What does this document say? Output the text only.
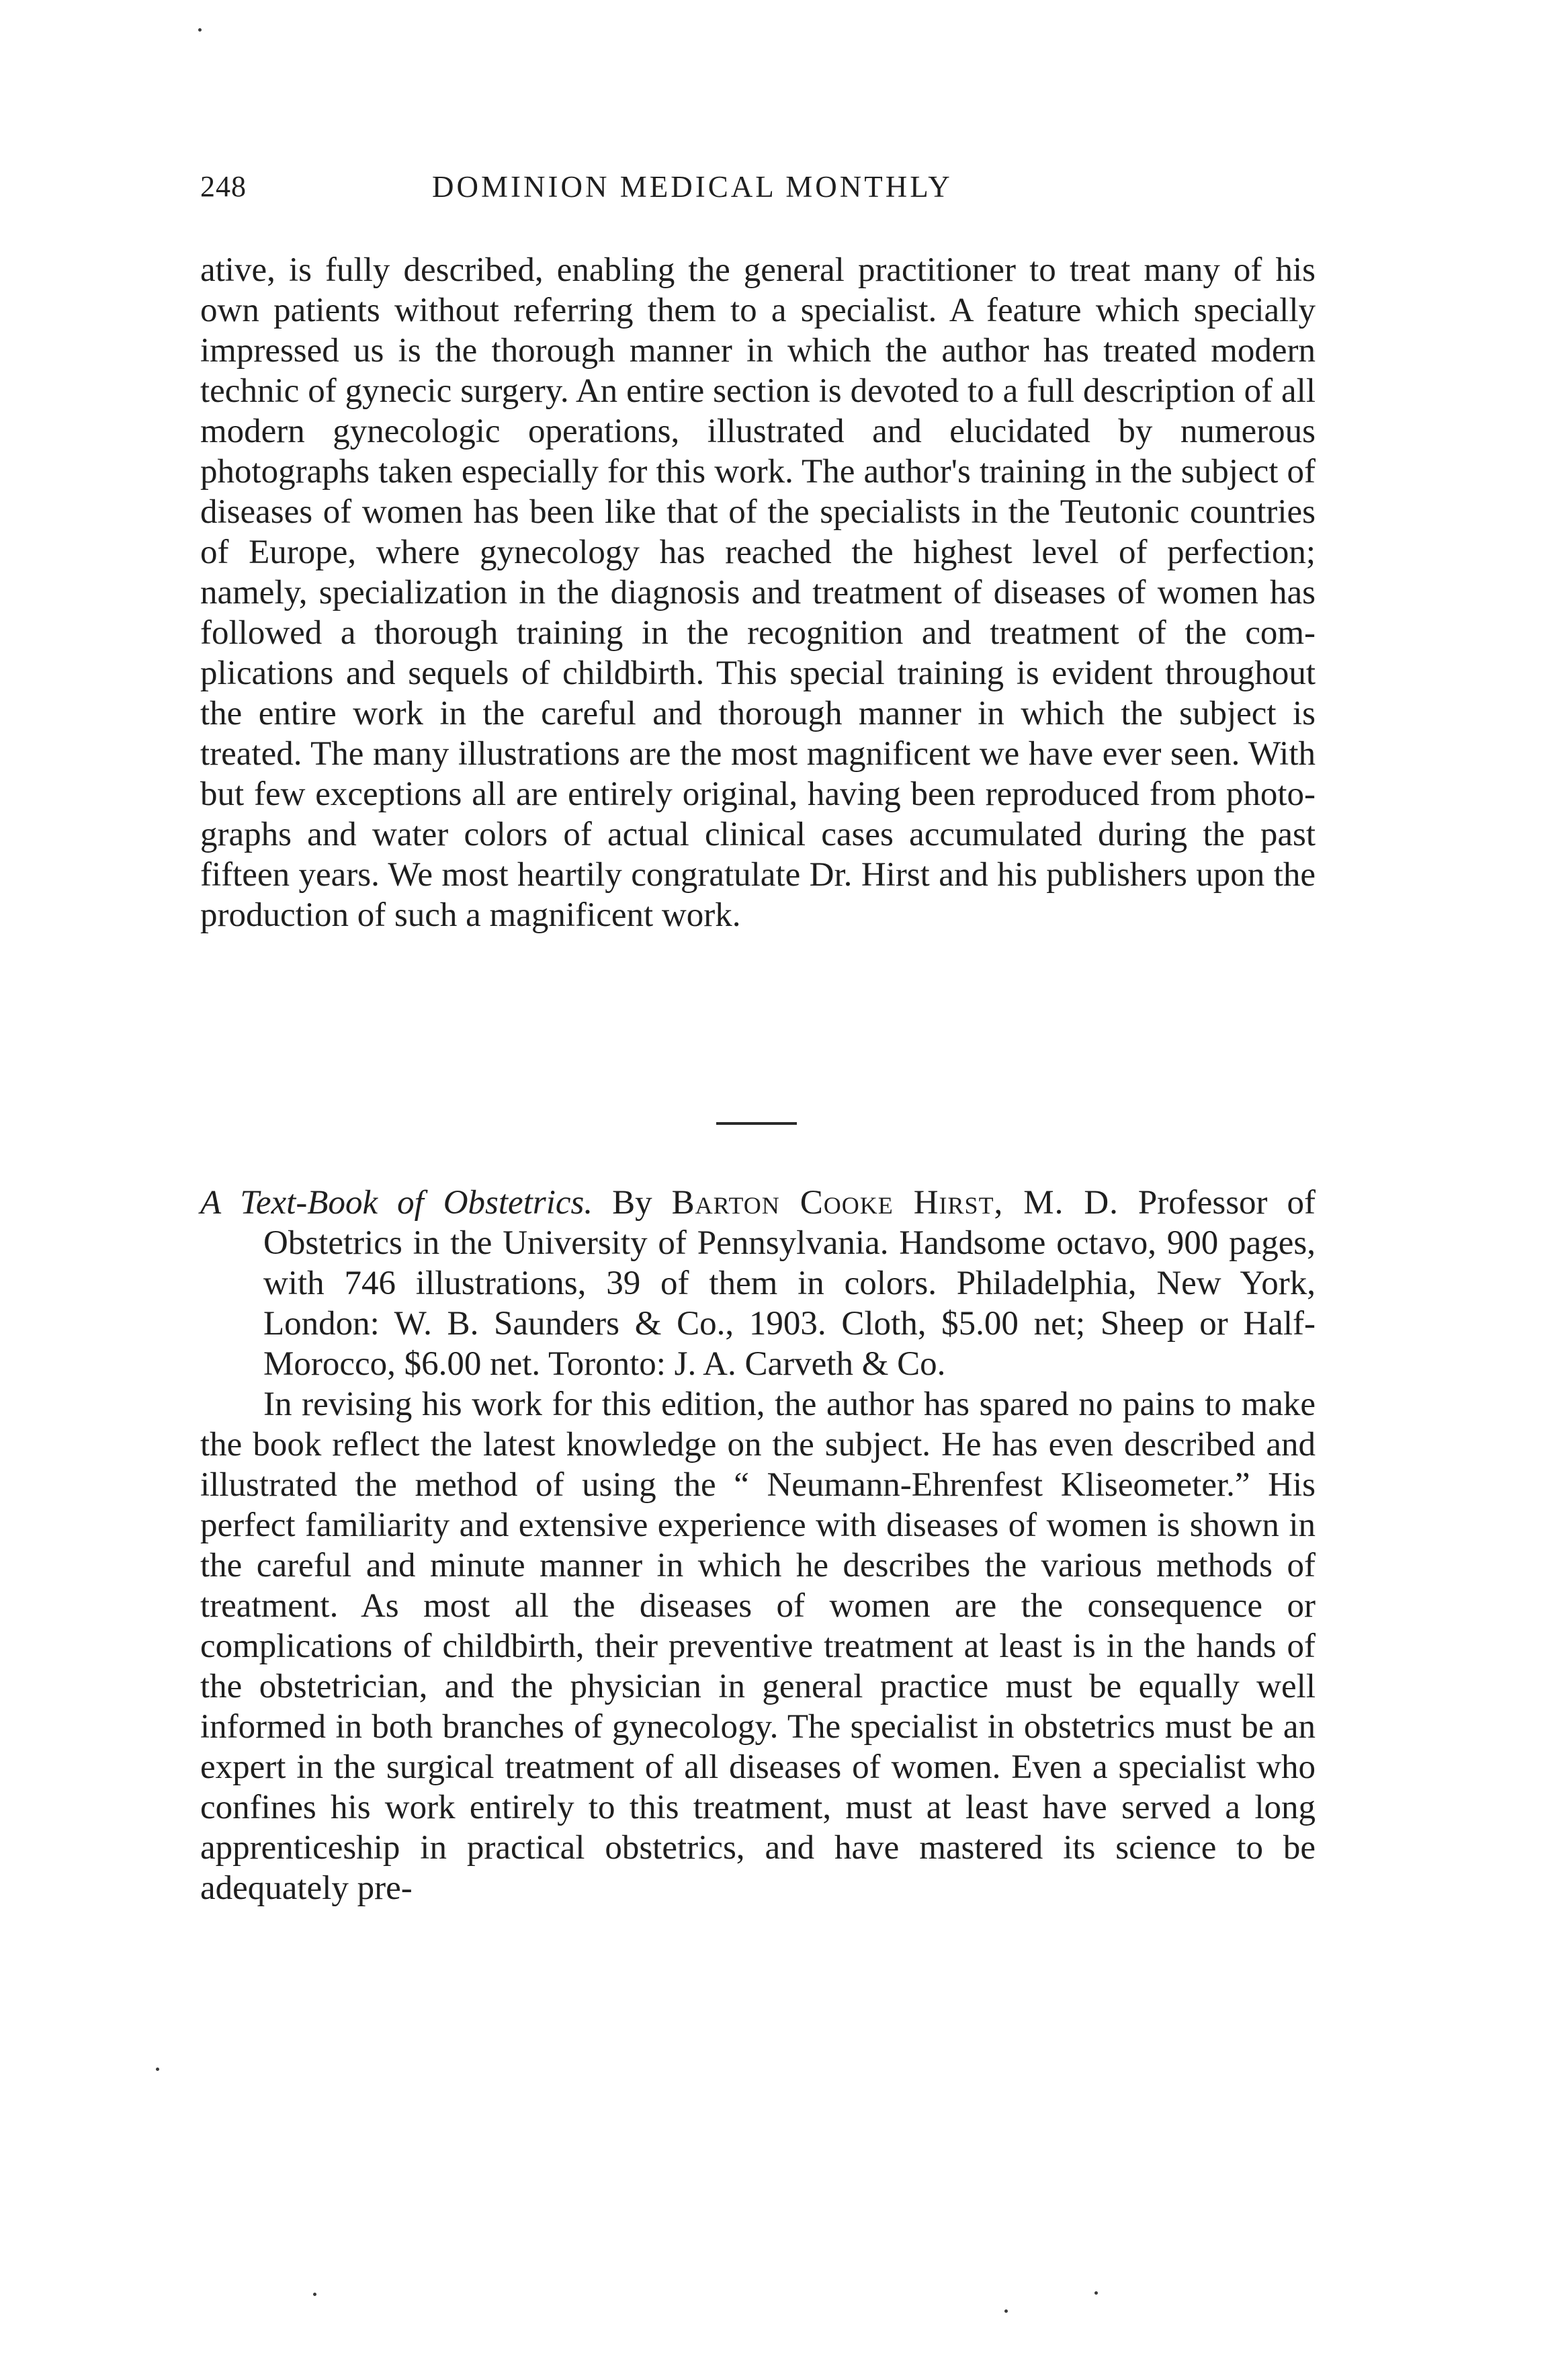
248	DOMINION MEDICAL MONTHLY
ative, is fully described, enabling the general practitioner to treat many of his own patients without referring them to a specialist. A feature which specially impressed us is the thorough manner in which the author has treated modern technic of gynecic surgery. An entire section is devoted to a full description of all modern gynecologic operations, illustrated and elucidated by numerous photographs taken especially for this work. The author's training in the subject of diseases of women has been like that of the specialists in the Teutonic countries of Europe, where gynecology has reached the highest level of perfection; namely, specialization in the diagnosis and treatment of diseases of women has followed a thorough training in the recognition and treatment of the complications and sequels of childbirth. This special training is evident throughout the entire work in the careful and thorough manner in which the subject is treated. The many illustrations are the most magnificent we have ever seen. With but few exceptions all are entirely original, having been reproduced from photographs and water colors of actual clinical cases accumulated during the past fifteen years. We most heartily congratulate Dr. Hirst and his publishers upon the production of such a magnificent work.
A Text-Book of Obstetrics. By Barton Cooke Hirst, M. D. Professor of Obstetrics in the University of Pennsylvania. Handsome octavo, 900 pages, with 746 illustrations, 39 of them in colors. Philadelphia, New York, London: W. B. Saunders & Co., 1903. Cloth, $5.00 net; Sheep or Half-Morocco, $6.00 net. Toronto: J. A. Carveth & Co.
In revising his work for this edition, the author has spared no pains to make the book reflect the latest knowledge on the subject. He has even described and illustrated the method of using the “ Neumann-Ehrenfest Kliseometer.” His perfect familiarity and extensive experience with diseases of women is shown in the careful and minute manner in which he describes the various methods of treatment. As most all the diseases of women are the consequence or complications of childbirth, their preventive treatment at least is in the hands of the obstetrician, and the physician in general practice must be equally well informed in both branches of gynecology. The specialist in obstetrics must be an expert in the surgical treatment of all diseases of women. Even a specialist who confines his work entirely to this treatment, must at least have served a long apprenticeship in practical obstetrics, and have mastered its science to be adequately pre-
